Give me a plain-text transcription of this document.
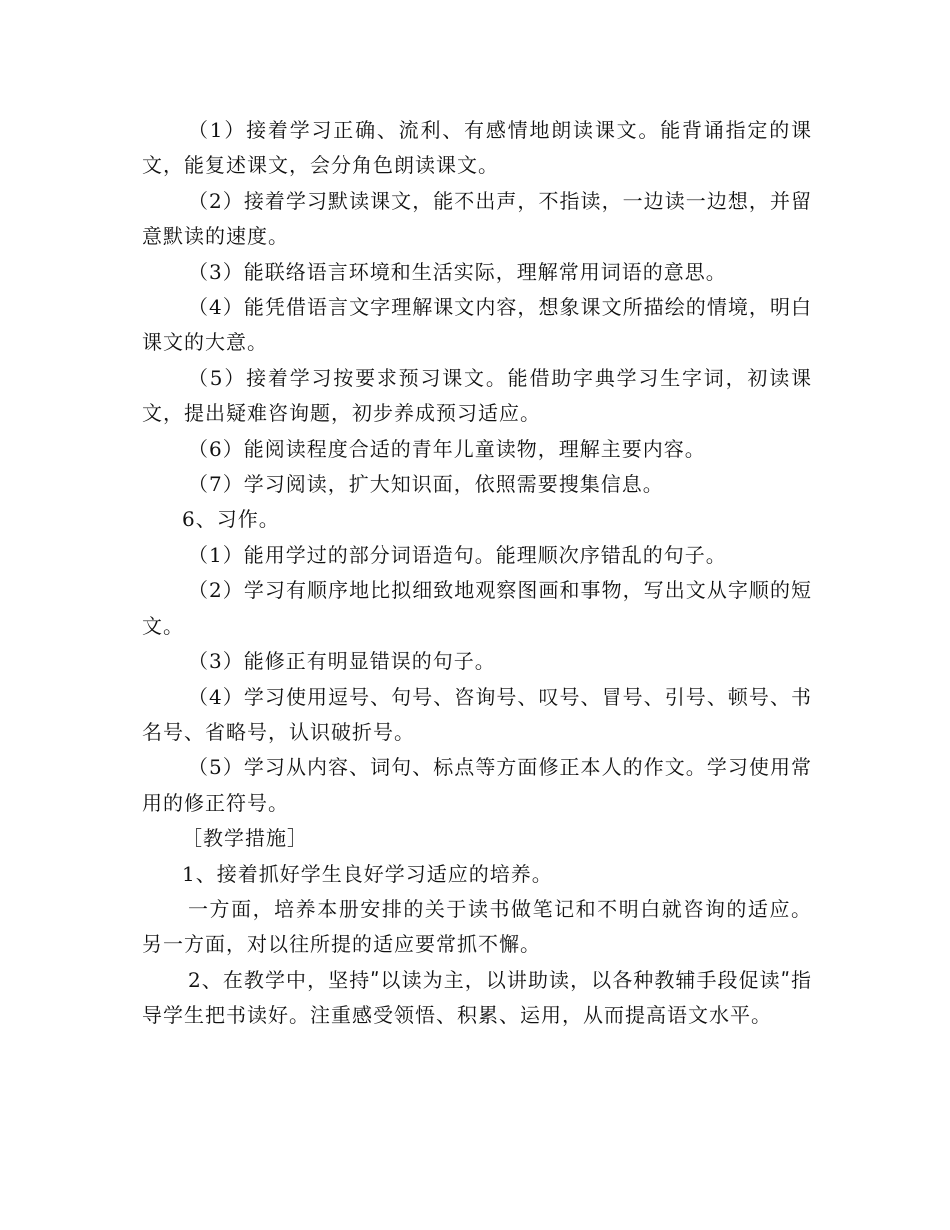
（1）接着学习正确、流利、有感情地朗读课文。能背诵指定的课文，能复述课文，会分角色朗读课文。

（2）接着学习默读课文，能不出声，不指读，一边读一边想，并留意默读的速度。

（3）能联络语言环境和生活实际，理解常用词语的意思。

（4）能凭借语言文字理解课文内容，想象课文所描绘的情境，明白课文的大意。

（5）接着学习按要求预习课文。能借助字典学习生字词，初读课文，提出疑难咨询题，初步养成预习适应。

（6）能阅读程度合适的青年儿童读物，理解主要内容。

（7）学习阅读，扩大知识面，依照需要搜集信息。

6、习作。

（1）能用学过的部分词语造句。能理顺次序错乱的句子。

（2）学习有顺序地比拟细致地观察图画和事物，写出文从字顺的短文。

（3）能修正有明显错误的句子。

（4）学习使用逗号、句号、咨询号、叹号、冒号、引号、顿号、书名号、省略号，认识破折号。

（5）学习从内容、词句、标点等方面修正本人的作文。学习使用常用的修正符号。

［教学措施］

1、接着抓好学生良好学习适应的培养。

一方面，培养本册安排的关于读书做笔记和不明白就咨询的适应。另一方面，对以往所提的适应要常抓不懈。

2、在教学中，坚持ʺ以读为主，以讲助读，以各种教辅手段促读ʺ指导学生把书读好。注重感受领悟、积累、运用，从而提高语文水平。
